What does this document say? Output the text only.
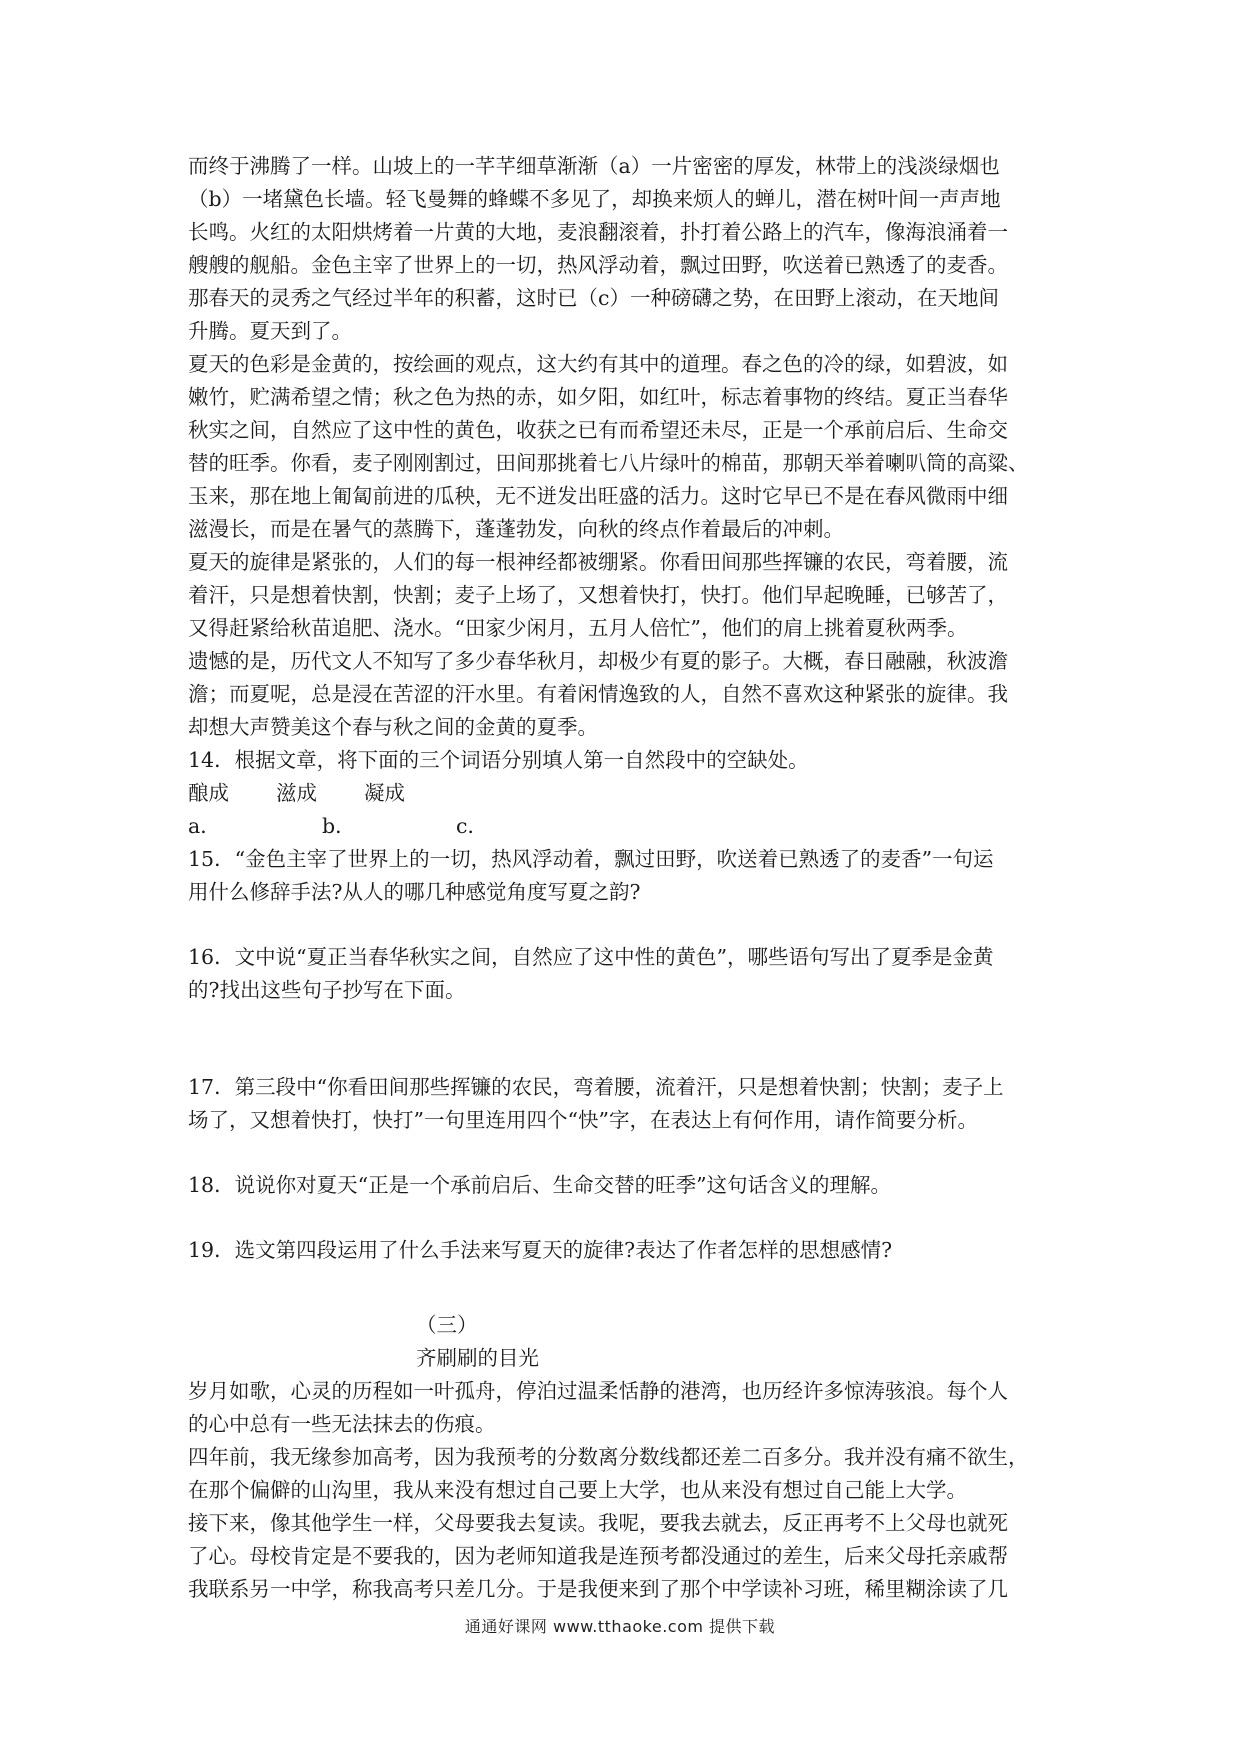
而终于沸腾了一样。山坡上的一芊芊细草渐渐（a）一片密密的厚发，林带上的浅淡绿烟也
（b）一堵黛色长墙。轻飞曼舞的蜂蝶不多见了，却换来烦人的蝉儿，潜在树叶间一声声地
长鸣。火红的太阳烘烤着一片黄的大地，麦浪翻滚着，扑打着公路上的汽车，像海浪涌着一
艘艘的舰船。金色主宰了世界上的一切，热风浮动着，飘过田野，吹送着已熟透了的麦香。
那春天的灵秀之气经过半年的积蓄，这时已（c）一种磅礴之势，在田野上滚动，在天地间
升腾。夏天到了。
夏天的色彩是金黄的，按绘画的观点，这大约有其中的道理。春之色的冷的绿，如碧波，如
嫩竹，贮满希望之情；秋之色为热的赤，如夕阳，如红叶，标志着事物的终结。夏正当春华
秋实之间，自然应了这中性的黄色，收获之已有而希望还未尽，正是一个承前启后、生命交
替的旺季。你看，麦子刚刚割过，田间那挑着七八片绿叶的棉苗，那朝天举着喇叭筒的高粱、
玉来，那在地上匍匐前进的瓜秧，无不迸发出旺盛的活力。这时它早已不是在春风微雨中细
滋漫长，而是在暑气的蒸腾下，蓬蓬勃发，向秋的终点作着最后的冲刺。
夏天的旋律是紧张的，人们的每一根神经都被绷紧。你看田间那些挥镰的农民，弯着腰，流
着汗，只是想着快割，快割；麦子上场了，又想着快打，快打。他们早起晚睡，已够苦了，
又得赶紧给秋苗追肥、浇水。“田家少闲月，五月人倍忙”，他们的肩上挑着夏秋两季。
遗憾的是，历代文人不知写了多少春华秋月，却极少有夏的影子。大概，春日融融，秋波澹
澹；而夏呢，总是浸在苦涩的汗水里。有着闲情逸致的人，自然不喜欢这种紧张的旋律。我
却想大声赞美这个春与秋之间的金黄的夏季。
14．根据文章，将下面的三个词语分别填人第一自然段中的空缺处。
酿成 滋成 凝成
a．	b．	c．
15．“金色主宰了世界上的一切，热风浮动着，飘过田野，吹送着已熟透了的麦香”一句运
用什么修辞手法?从人的哪几种感觉角度写夏之韵?
16．文中说“夏正当春华秋实之间，自然应了这中性的黄色”，哪些语句写出了夏季是金黄
的?找出这些句子抄写在下面。
17．第三段中“你看田间那些挥镰的农民，弯着腰，流着汗，只是想着快割；快割；麦子上
场了，又想着快打，快打”一句里连用四个“快”字，在表达上有何作用，请作简要分析。
18．说说你对夏天“正是一个承前启后、生命交替的旺季”这句话含义的理解。
19．选文第四段运用了什么手法来写夏天的旋律?表达了作者怎样的思想感情?
（三）
齐刷刷的目光
岁月如歌，心灵的历程如一叶孤舟，停泊过温柔恬静的港湾，也历经许多惊涛骇浪。每个人
的心中总有一些无法抹去的伤痕。
四年前，我无缘参加高考，因为我预考的分数离分数线都还差二百多分。我并没有痛不欲生，
在那个偏僻的山沟里，我从来没有想过自己要上大学，也从来没有想过自己能上大学。
接下来，像其他学生一样，父母要我去复读。我呢，要我去就去，反正再考不上父母也就死
了心。母校肯定是不要我的，因为老师知道我是连预考都没通过的差生，后来父母托亲戚帮
我联系另一中学，称我高考只差几分。于是我便来到了那个中学读补习班，稀里糊涂读了几
通通好课网 www.tthaoke.com 提供下载
